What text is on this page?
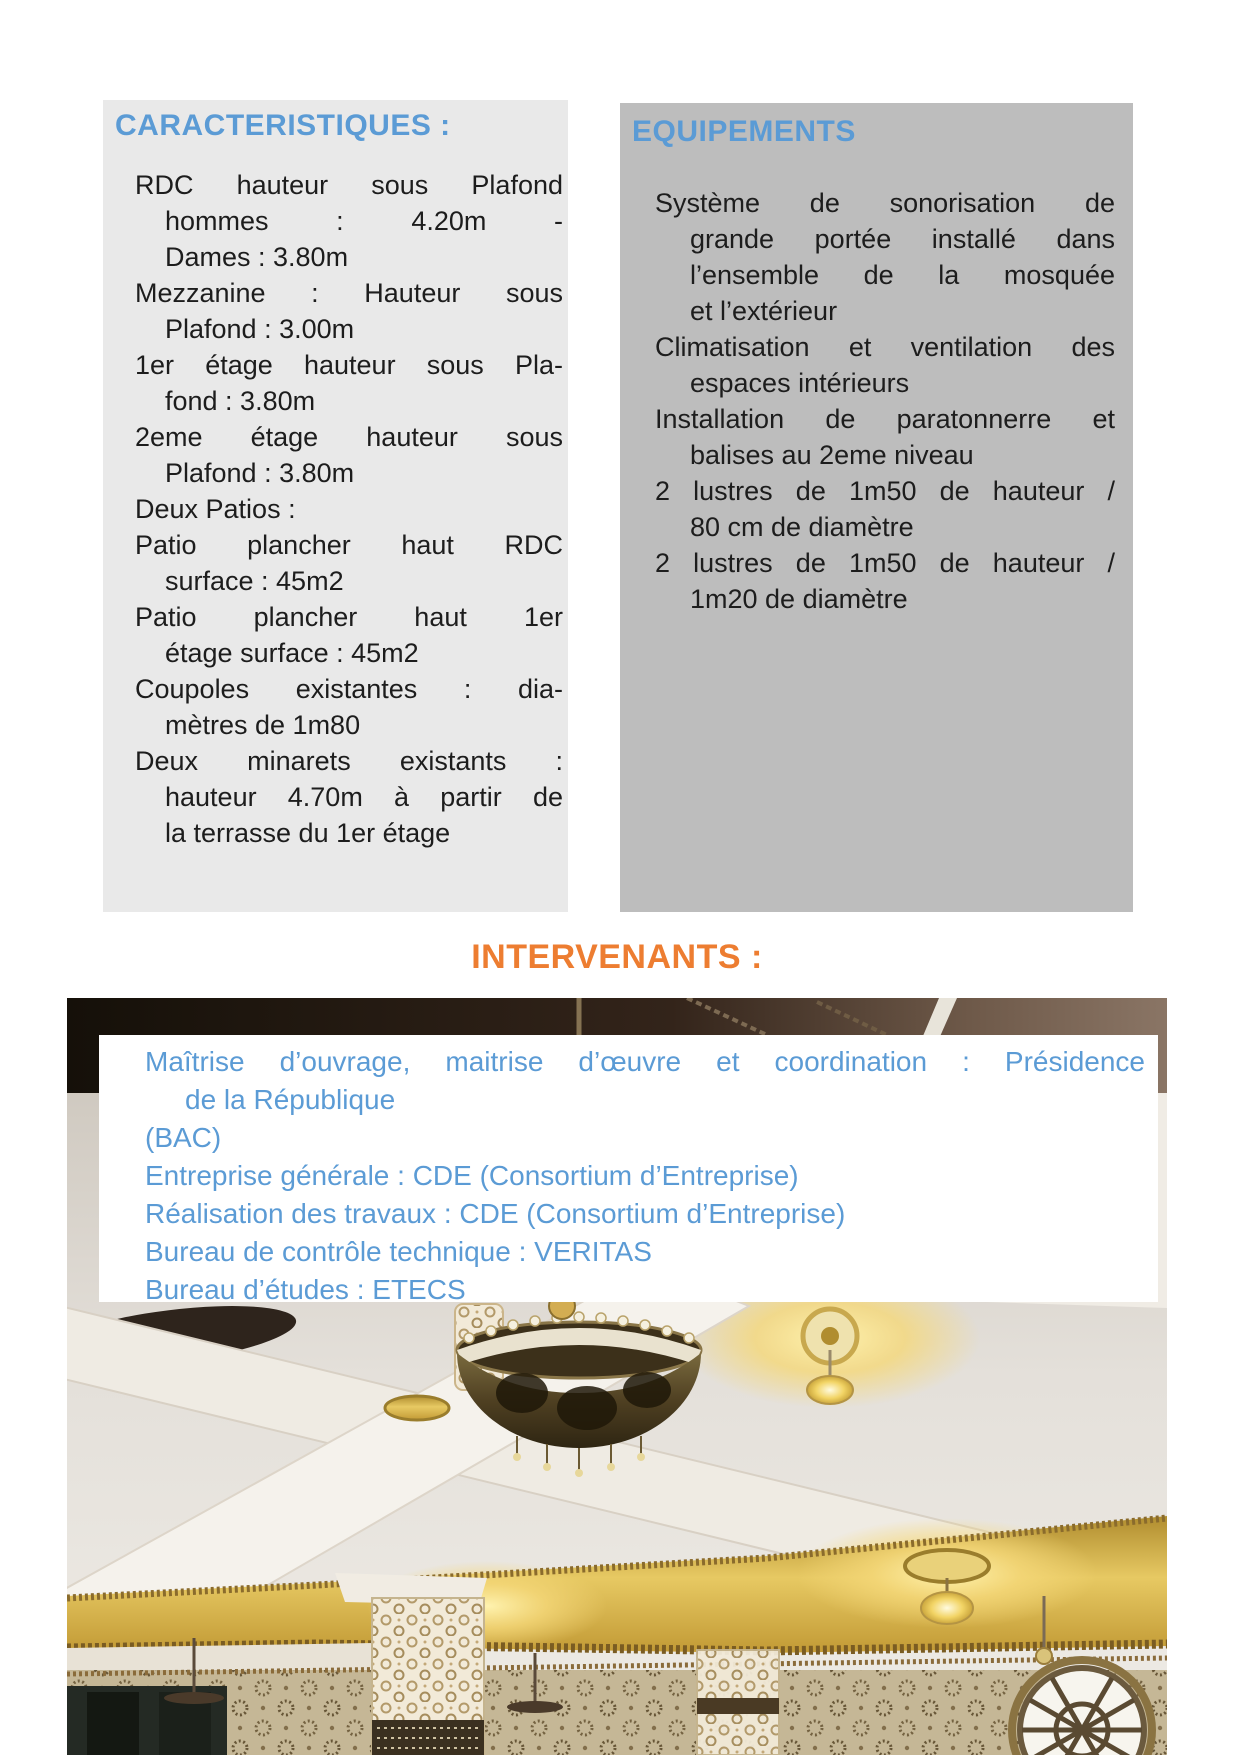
CARACTERISTIQUES :
RDC hauteur sous Plafond
hommes : 4.20m -
Dames : 3.80m
Mezzanine : Hauteur sous
Plafond : 3.00m
1er étage hauteur sous Pla-
fond : 3.80m
2eme étage hauteur sous
Plafond : 3.80m
Deux Patios :
Patio plancher haut RDC
surface : 45m2
Patio plancher haut 1er
étage surface : 45m2
Coupoles existantes : dia-
mètres de 1m80
Deux minarets existants :
hauteur 4.70m à partir de
la terrasse du 1er étage
EQUIPEMENTS
Système de sonorisation de
grande portée installé dans
l’ensemble de la mosquée
et l’extérieur
Climatisation et ventilation des
espaces intérieurs
Installation de paratonnerre et
balises au 2eme niveau
2 lustres de 1m50 de hauteur /
80 cm de diamètre
2 lustres de 1m50 de hauteur /
1m20 de diamètre
INTERVENANTS :
Maîtrise d’ouvrage, maitrise d’œuvre et coordination : Présidence
de la République
(BAC)
Entreprise générale : CDE (Consortium d’Entreprise)
Réalisation des travaux : CDE (Consortium d’Entreprise)
Bureau de contrôle technique : VERITAS
Bureau d’études : ETECS
